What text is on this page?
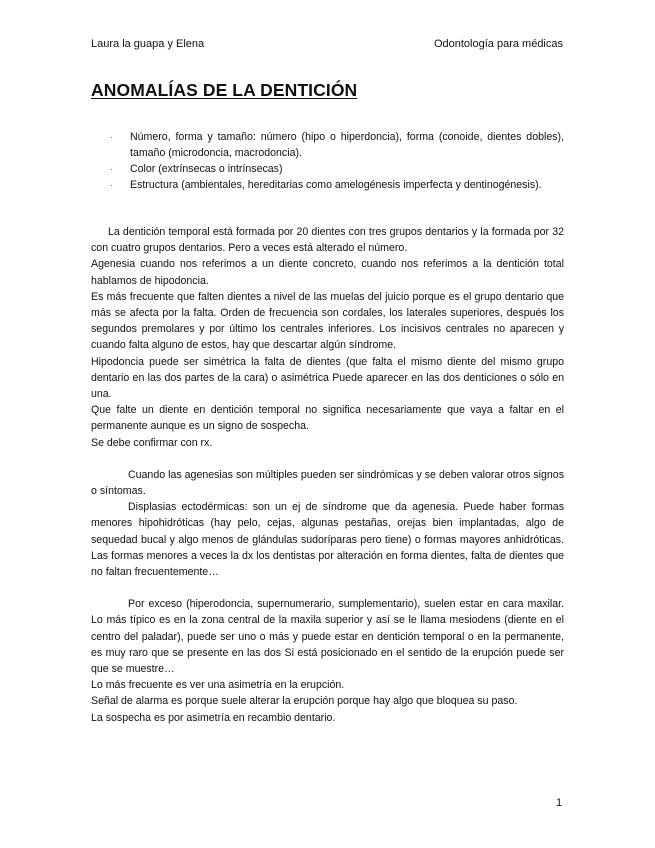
Laura la guapa y Elena	Odontología para médicas
ANOMALÍAS DE LA DENTICIÓN
· Número, forma y tamaño: número (hipo o hiperdoncia), forma (conoide, dientes dobles), tamaño (microdoncia, macrodoncia).
· Color (extrínsecas o intrínsecas)
· Estructura (ambientales, hereditarias como amelogénesis imperfecta y dentinogénesis).

La dentición temporal está formada por 20 dientes con tres grupos dentarios y la formada por 32 con cuatro grupos dentarios. Pero a veces está alterado el número.

Agenesia cuando nos referimos a un diente concreto, cuando nos referimos a la dentición total hablamos de hipodoncia.

Es más frecuente que falten dientes a nivel de las muelas del juicio porque es el grupo dentario que más se afecta por la falta. Orden de frecuencia son cordales, los laterales superiores, después los segundos premolares y por último los centrales inferiores. Los incisivos centrales no aparecen y cuando falta alguno de estos, hay que descartar algún síndrome.

Hipodoncia puede ser simétrica la falta de dientes (que falta el mismo diente del mismo grupo dentario en las dos partes de la cara) o asimétrica Puede aparecer en las dos denticiones o sólo en una.

Que falte un diente en dentición temporal no significa necesariamente que vaya a faltar en el permanente aunque es un signo de sospecha.

Se debe confirmar con rx.

Cuando las agenesias son múltiples pueden ser sindrómicas y se deben valorar otros signos o síntomas.

Displasias ectodérmicas: son un ej de síndrome que da agenesia. Puede haber formas menores hipohidróticas (hay pelo, cejas, algunas pestañas, orejas bien implantadas, algo de sequedad bucal y algo menos de glándulas sudoríparas pero tiene) o formas mayores anhidróticas. Las formas menores a veces la dx los dentistas por alteración en forma dientes, falta de dientes que no faltan frecuentemente…

Por exceso (hiperodoncia, supernumerario, sumplementario), suelen estar en cara maxilar. Lo más típico es en la zona central de la maxila superior y así se le llama mesiodens (diente en el centro del paladar), puede ser uno o más y puede estar en dentición temporal o en la permanente, es muy raro que se presente en las dos Si está posicionado en el sentido de la erupción puede ser que se muestre…

Lo más frecuente es ver una asimetría en la erupción.

Señal de alarma es porque suele alterar la erupción porque hay algo que bloquea su paso.

La sospecha es por asimetría en recambio dentario.

1
